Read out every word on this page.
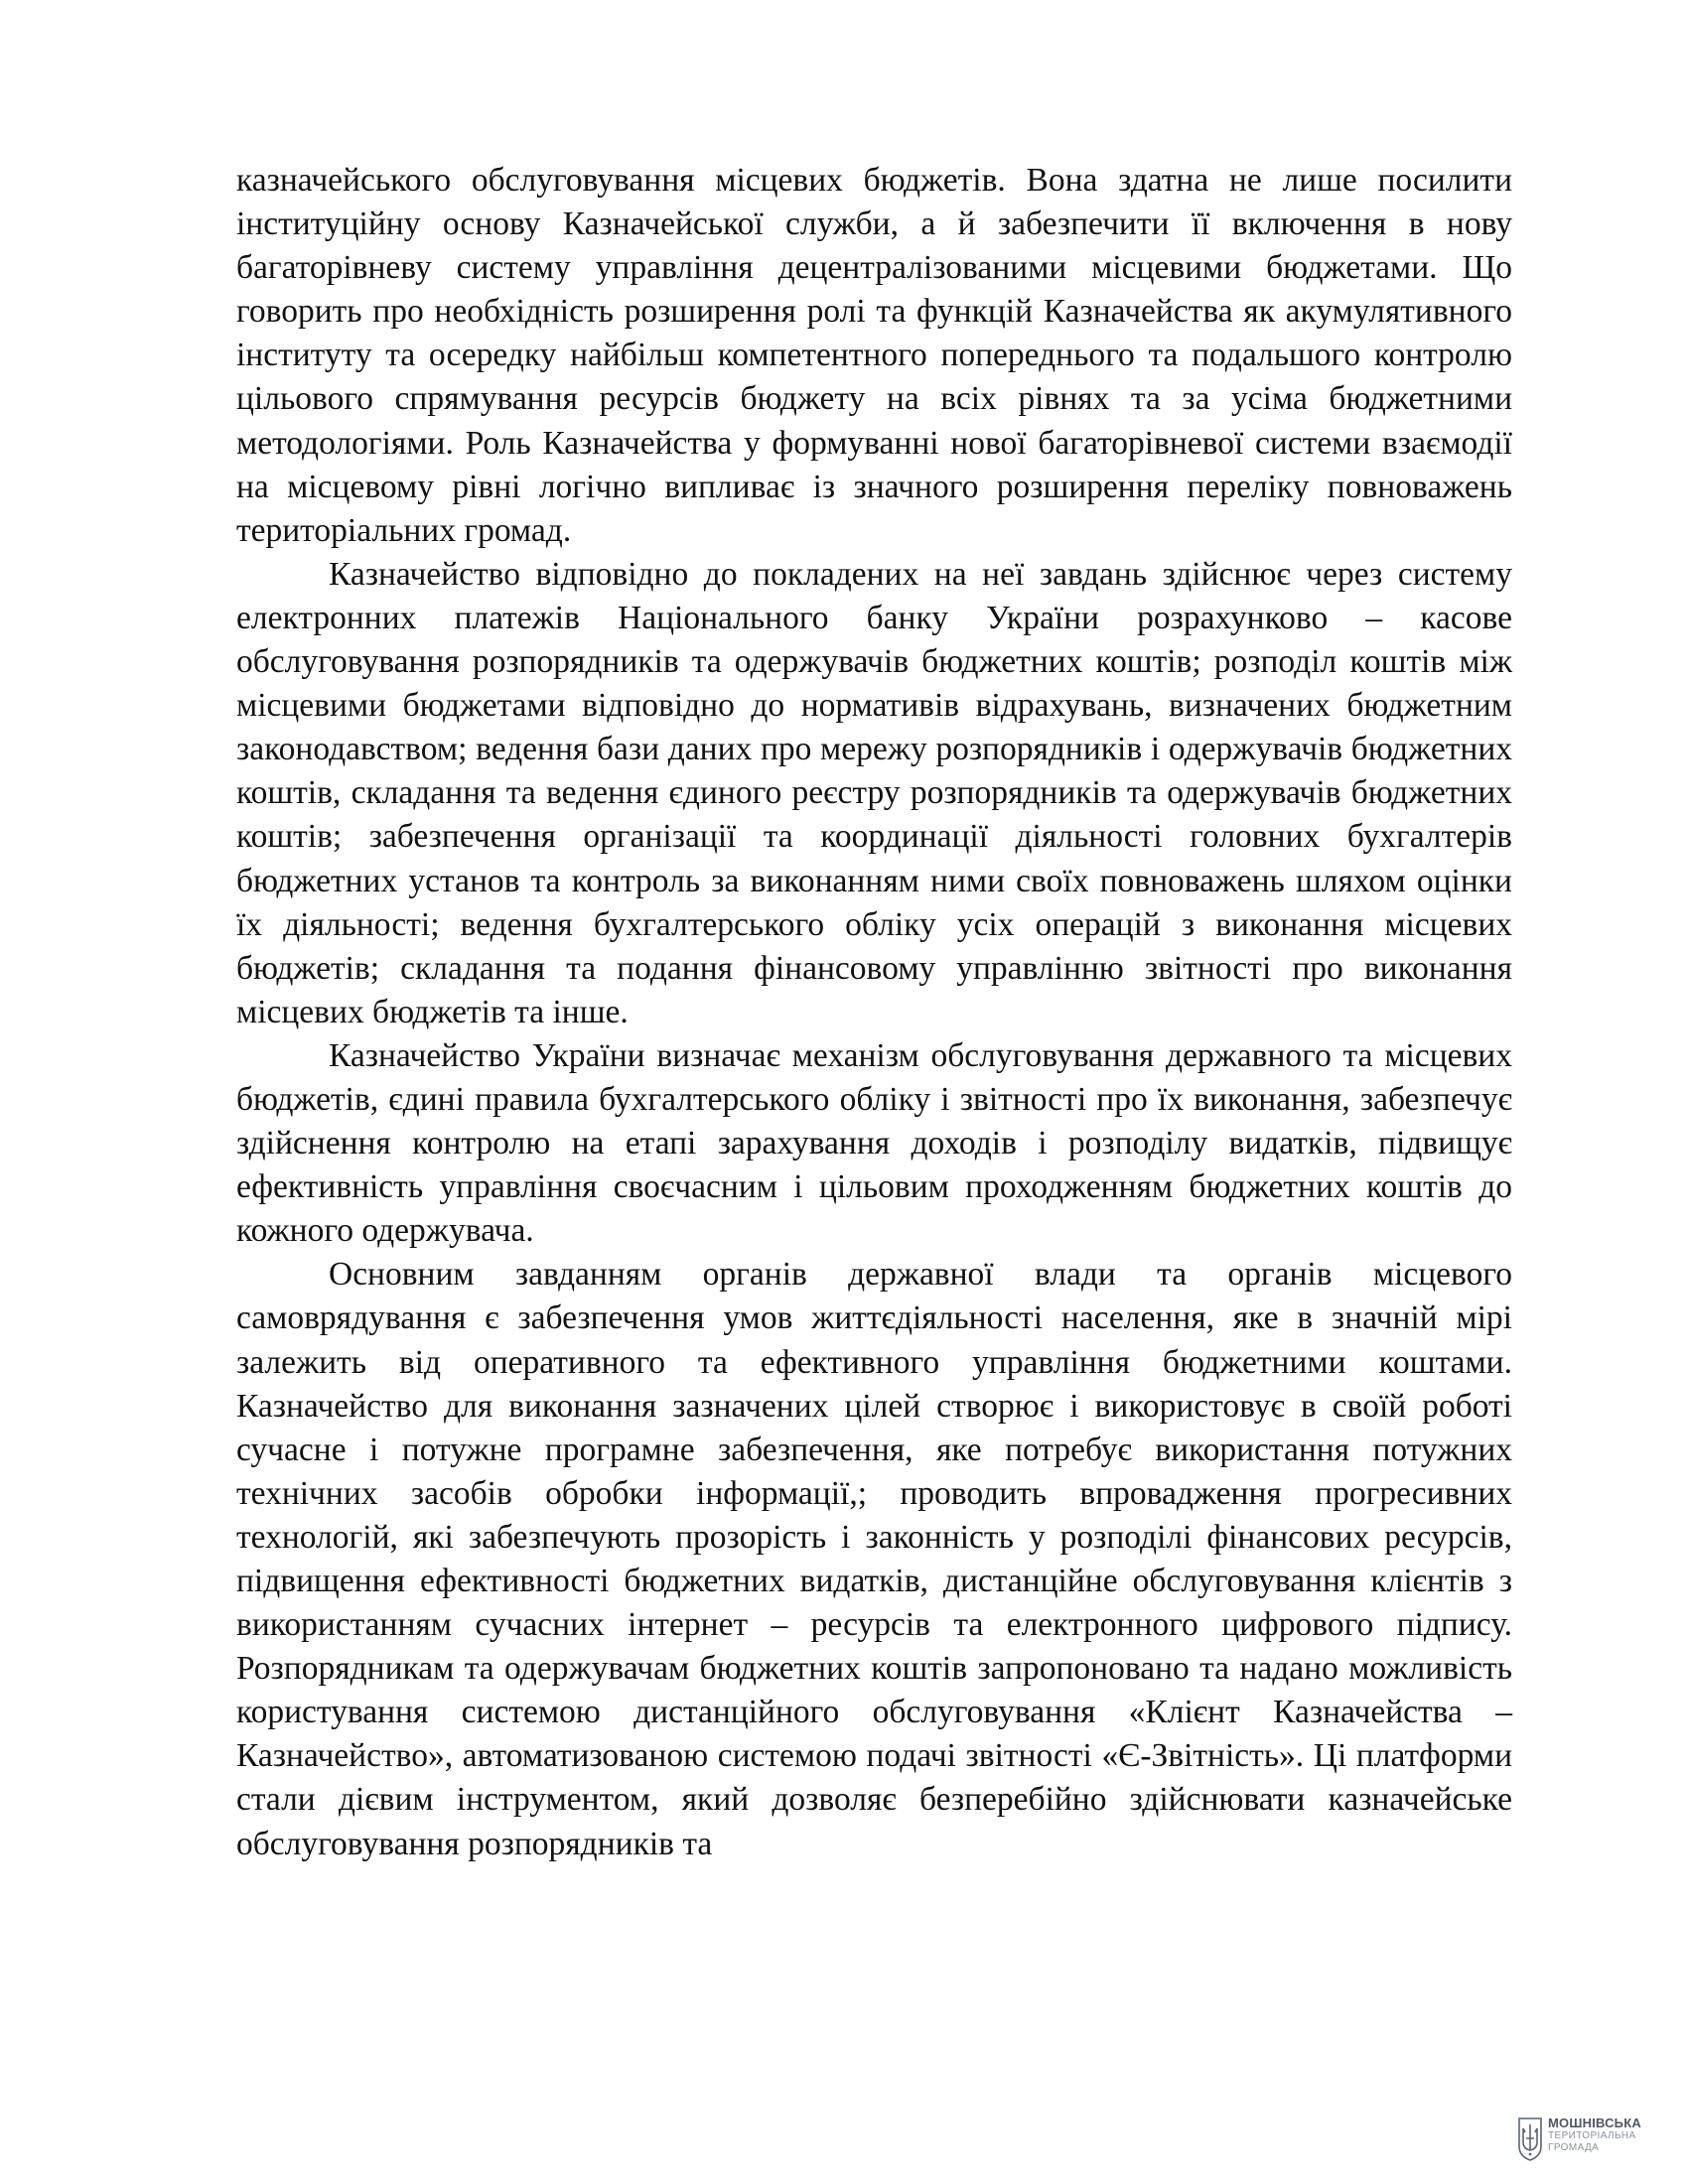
казначейського обслуговування місцевих бюджетів. Вона здатна не лише посилити інституційну основу Казначейської служби, а й забезпечити її включення в нову багаторівневу систему управління децентралізованими місцевими бюджетами. Що говорить про необхідність розширення ролі та функцій Казначейства як акумулятивного інституту та осередку найбільш компетентного попереднього та подальшого контролю цільового спрямування ресурсів бюджету на всіх рівнях та за усіма бюджетними методологіями. Роль Казначейства у формуванні нової багаторівневої системи взаємодії на місцевому рівні логічно випливає із значного розширення переліку повноважень територіальних громад.

Казначейство відповідно до покладених на неї завдань здійснює через систему електронних платежів Національного банку України розрахунково – касове обслуговування розпорядників та одержувачів бюджетних коштів; розподіл коштів між місцевими бюджетами відповідно до нормативів відрахувань, визначених бюджетним законодавством; ведення бази даних про мережу розпорядників і одержувачів бюджетних коштів, складання та ведення єдиного реєстру розпорядників та одержувачів бюджетних коштів; забезпечення організації та координації діяльності головних бухгалтерів бюджетних установ та контроль за виконанням ними своїх повноважень шляхом оцінки їх діяльності; ведення бухгалтерського обліку усіх операцій з виконання місцевих бюджетів; складання та подання фінансовому управлінню звітності про виконання місцевих бюджетів та інше.

Казначейство України визначає механізм обслуговування державного та місцевих бюджетів, єдині правила бухгалтерського обліку і звітності про їх виконання, забезпечує здійснення контролю на етапі зарахування доходів і розподілу видатків, підвищує ефективність управління своєчасним і цільовим проходженням бюджетних коштів до кожного одержувача.

Основним завданням органів державної влади та органів місцевого самоврядування є забезпечення умов життєдіяльності населення, яке в значній мірі залежить від оперативного та ефективного управління бюджетними коштами. Казначейство для виконання зазначених цілей створює і використовує в своїй роботі сучасне і потужне програмне забезпечення, яке потребує використання потужних технічних засобів обробки інформації,; проводить впровадження прогресивних технологій, які забезпечують прозорість і законність у розподілі фінансових ресурсів, підвищення ефективності бюджетних видатків, дистанційне обслуговування клієнтів з використанням сучасних інтернет – ресурсів та електронного цифрового підпису. Розпорядникам та одержувачам бюджетних коштів запропоновано та надано можливість користування системою дистанційного обслуговування «Клієнт Казначейства – Казначейство», автоматизованою системою подачі звітності «Є-Звітність». Ці платформи стали дієвим інструментом, який дозволяє безперебійно здійснювати казначейське обслуговування розпорядників та

МОШНІВСЬКА
ТЕРИТОРІАЛЬНА
ГРОМАДА
